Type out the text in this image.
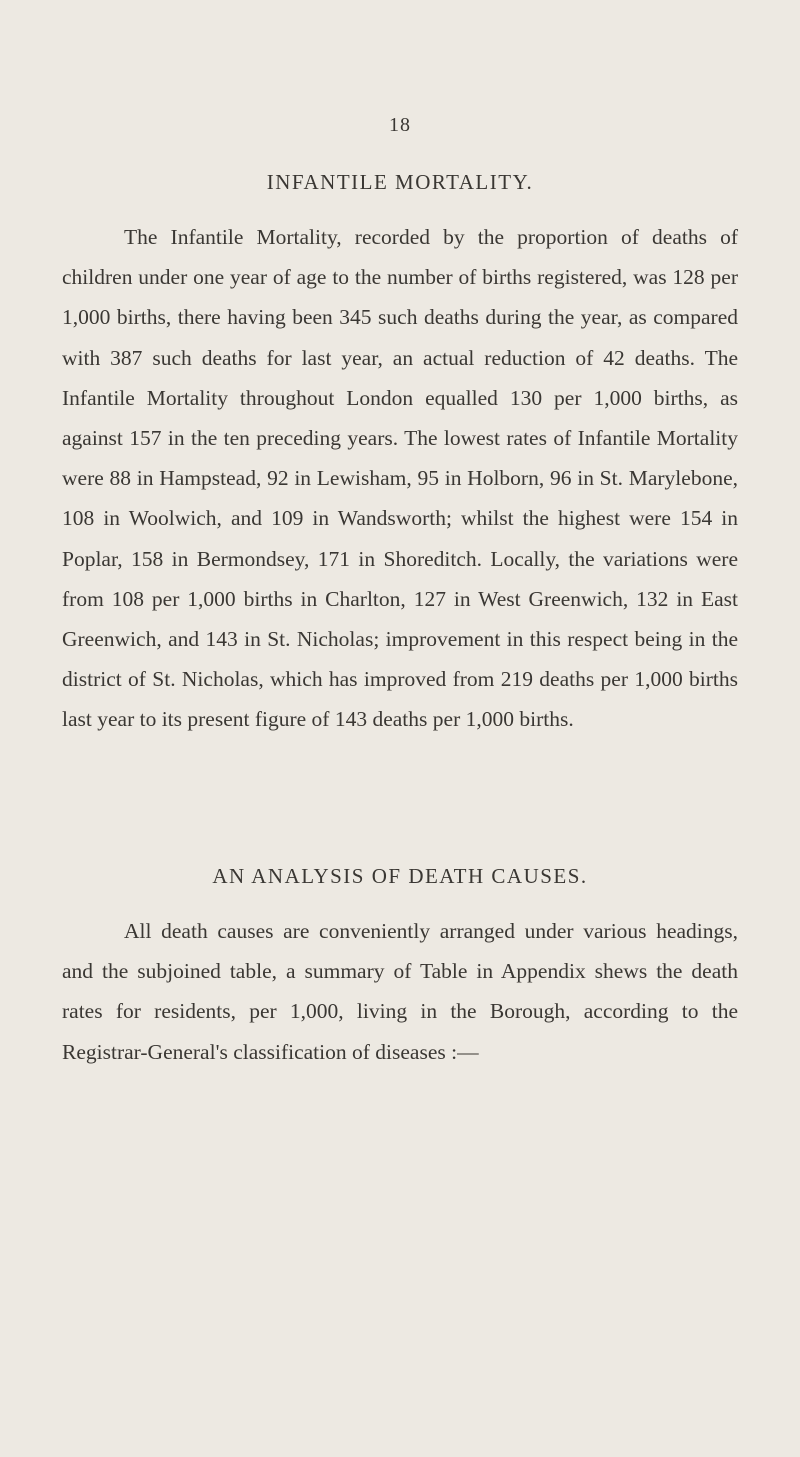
18
INFANTILE MORTALITY.

The Infantile Mortality, recorded by the proportion of deaths of children under one year of age to the number of births registered, was 128 per 1,000 births, there having been 345 such deaths during the year, as compared with 387 such deaths for last year, an actual reduction of 42 deaths. The Infantile Mortality throughout London equalled 130 per 1,000 births, as against 157 in the ten preceding years. The lowest rates of Infantile Mortality were 88 in Hampstead, 92 in Lewisham, 95 in Holborn, 96 in St. Marylebone, 108 in Woolwich, and 109 in Wandsworth; whilst the highest were 154 in Poplar, 158 in Bermondsey, 171 in Shoreditch. Locally, the variations were from 108 per 1,000 births in Charlton, 127 in West Greenwich, 132 in East Greenwich, and 143 in St. Nicholas; improvement in this respect being in the district of St. Nicholas, which has improved from 219 deaths per 1,000 births last year to its present figure of 143 deaths per 1,000 births.

AN ANALYSIS OF DEATH CAUSES.

All death causes are conveniently arranged under various headings, and the subjoined table, a summary of Table in Appendix shews the death rates for residents, per 1,000, living in the Borough, according to the Registrar-General's classification of diseases :—
